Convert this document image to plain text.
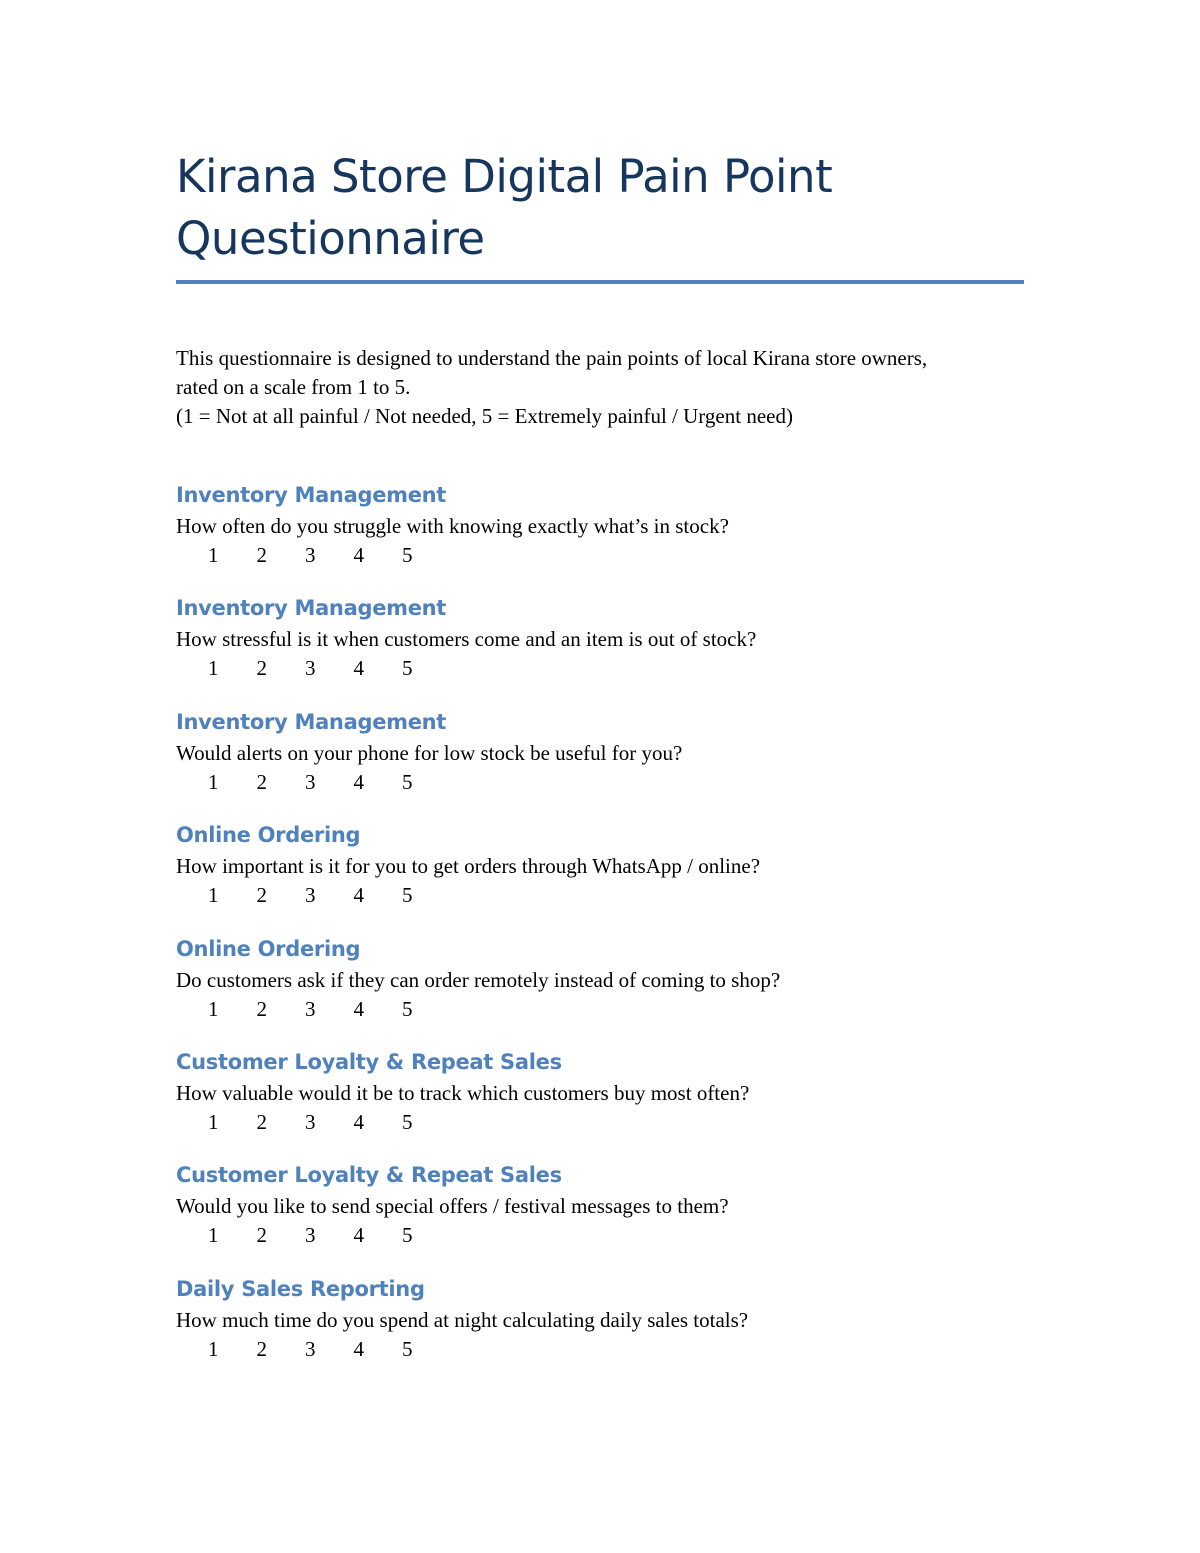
Kirana Store Digital Pain Point
Questionnaire

This questionnaire is designed to understand the pain points of local Kirana store owners,

rated on a scale from 1 to 5.

(1 = Not at all painful / Not needed, 5 = Extremely painful / Urgent need)

Inventory Management

How often do you struggle with knowing exactly what’s in stock?

1	2	3	4	5
Inventory Management

How stressful is it when customers come and an item is out of stock?

1	2	3	4	5
Inventory Management

Would alerts on your phone for low stock be useful for you?

1	2	3	4	5
Online Ordering

How important is it for you to get orders through WhatsApp / online?

1	2	3	4	5
Online Ordering

Do customers ask if they can order remotely instead of coming to shop?

1	2	3	4	5
Customer Loyalty & Repeat Sales

How valuable would it be to track which customers buy most often?

1	2	3	4	5
Customer Loyalty & Repeat Sales

Would you like to send special offers / festival messages to them?

1	2	3	4	5
Daily Sales Reporting

How much time do you spend at night calculating daily sales totals?

1	2	3	4	5
